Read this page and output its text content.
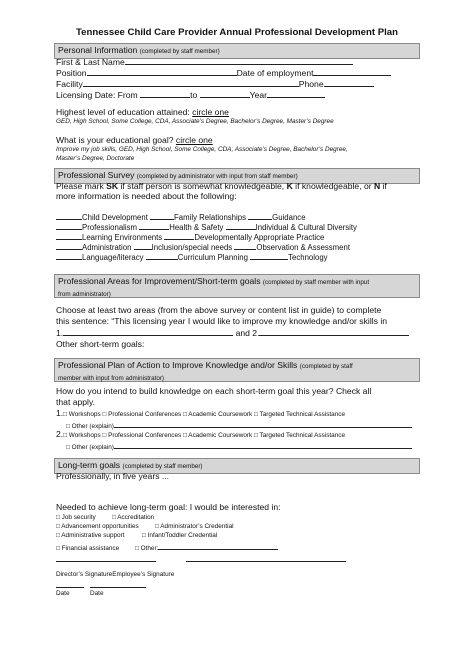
Tennessee Child Care Provider Annual Professional Development Plan
Personal Information (completed by staff member)
First & Last Name
Position	Date of employment
Facility	Phone
Licensing Date: From	to	Year
Highest level of education attained: circle one
GED, High School, Some College, CDA, Associate’s Degree, Bachelor’s Degree, Master’s Degree
What is your educational goal? circle one
Improve my job skills, GED, High School, Some College, CDA, Associate’s Degree, Bachelor’s Degree,
Master’s Degree, Doctorate
Professional Survey (completed by administrator with input from staff member)
Please mark SK if staff person is somewhat knowledgeable, K if knowledgeable, or N if
more information is needed about the following:
Child Development	Family Relationships	Guidance
Professionalism	Health & Safety	Individual & Cultural Diversity
Learning Environments	Developmentally Appropriate Practice
Administration	Inclusion/special needs	Observation & Assessment
Language/literacy	Curriculum Planning	Technology
Professional Areas for Improvement/Short-term goals (completed by staff member with input
from administrator)
Choose at least two areas (from the above survey or content list in guide) to complete
this sentence: “This licensing year I would like to improve my knowledge and/or skills in
1.	and 2.
Other short-term goals:
Professional Plan of Action to Improve Knowledge and/or Skills (completed by staff
member with input from administrator)
How do you intend to build knowledge on each short-term goal this year? Check all
that apply.
1.□ Workshops □ Professional Conferences □ Academic Coursework □ Targeted Technical Assistance
□ Other (explain)
2.□ Workshops □ Professional Conferences □ Academic Coursework □ Targeted Technical Assistance
□ Other (explain)
Long-term goals (completed by staff member)
Professionally, in five years ...
Needed to achieve long-term goal: I would be interested in:
□ Job security	□ Accreditation
□ Advancement opportunities	□ Administrator’s Credential
□ Administrative support	□ Infant/Toddler Credential
□ Financial assistance □ Other:
Director’s SignatureEmployee’s Signature
Date	Date
